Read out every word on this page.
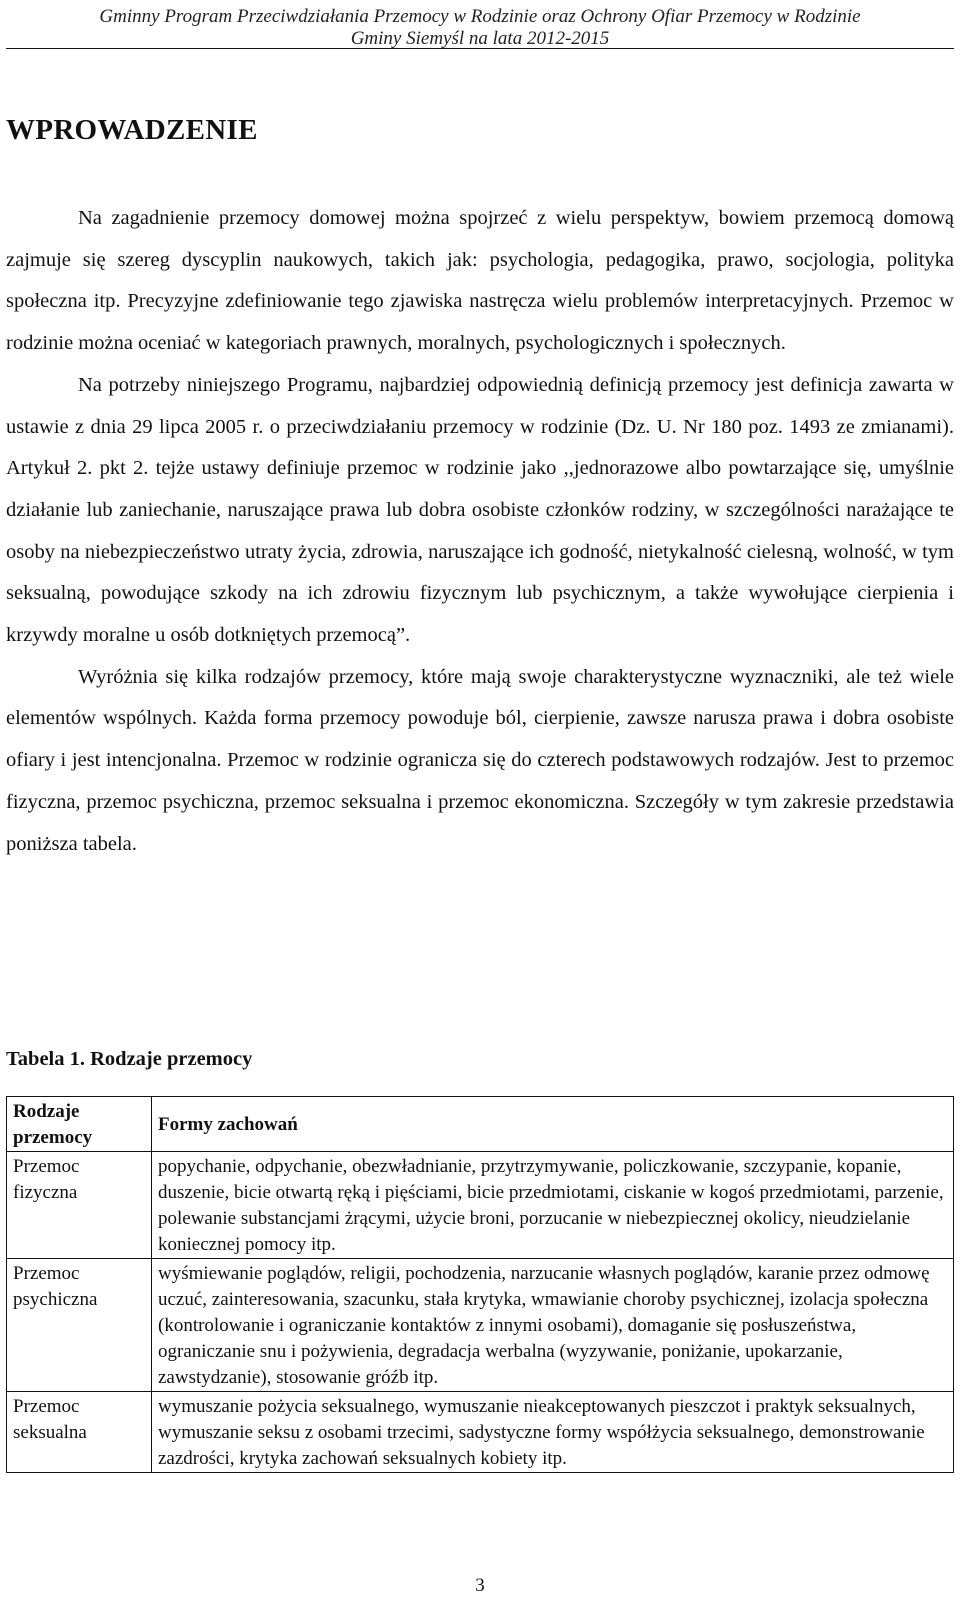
Gminny Program Przeciwdziałania Przemocy w Rodzinie oraz Ochrony Ofiar Przemocy w Rodzinie
Gminy Siemyśl na lata 2012-2015
WPROWADZENIE

Na zagadnienie przemocy domowej można spojrzeć z wielu perspektyw, bowiem przemocą domową zajmuje się szereg dyscyplin naukowych, takich jak: psychologia, pedagogika, prawo, socjologia, polityka społeczna itp. Precyzyjne zdefiniowanie tego zjawiska nastręcza wielu problemów interpretacyjnych. Przemoc w rodzinie można oceniać w kategoriach prawnych, moralnych, psychologicznych i społecznych.

Na potrzeby niniejszego Programu, najbardziej odpowiednią definicją przemocy jest definicja zawarta w ustawie z dnia 29 lipca 2005 r. o przeciwdziałaniu przemocy w rodzinie (Dz. U. Nr 180 poz. 1493 ze zmianami). Artykuł 2. pkt 2. tejże ustawy definiuje przemoc w rodzinie jako ,,jednorazowe albo powtarzające się, umyślnie działanie lub zaniechanie, naruszające prawa lub dobra osobiste członków rodziny, w szczególności narażające te osoby na niebezpieczeństwo utraty życia, zdrowia, naruszające ich godność, nietykalność cielesną, wolność, w tym seksualną, powodujące szkody na ich zdrowiu fizycznym lub psychicznym, a także wywołujące cierpienia i krzywdy moralne u osób dotkniętych przemocą”.

Wyróżnia się kilka rodzajów przemocy, które mają swoje charakterystyczne wyznaczniki, ale też wiele elementów wspólnych. Każda forma przemocy powoduje ból, cierpienie, zawsze narusza prawa i dobra osobiste ofiary i jest intencjonalna. Przemoc w rodzinie ogranicza się do czterech podstawowych rodzajów. Jest to przemoc fizyczna, przemoc psychiczna, przemoc seksualna i przemoc ekonomiczna. Szczegóły w tym zakresie przedstawia poniższa tabela.

Tabela 1. Rodzaje przemocy
Rodzaje przemocy	Formy zachowań
Przemoc fizyczna	popychanie, odpychanie, obezwładnianie, przytrzymywanie, policzkowanie, szczypanie, kopanie, duszenie, bicie otwartą ręką i pięściami, bicie przedmiotami, ciskanie w kogoś przedmiotami, parzenie, polewanie substancjami żrącymi, użycie broni, porzucanie w niebezpiecznej okolicy, nieudzielanie koniecznej pomocy itp.
Przemoc psychiczna	wyśmiewanie poglądów, religii, pochodzenia, narzucanie własnych poglądów, karanie przez odmowę uczuć, zainteresowania, szacunku, stała krytyka, wmawianie choroby psychicznej, izolacja społeczna (kontrolowanie i ograniczanie kontaktów z innymi osobami), domaganie się posłuszeństwa, ograniczanie snu i pożywienia, degradacja werbalna (wyzywanie, poniżanie, upokarzanie, zawstydzanie), stosowanie gróźb itp.
Przemoc seksualna	wymuszanie pożycia seksualnego, wymuszanie nieakceptowanych pieszczot i praktyk seksualnych, wymuszanie seksu z osobami trzecimi, sadystyczne formy współżycia seksualnego, demonstrowanie zazdrości, krytyka zachowań seksualnych kobiety itp.
3
